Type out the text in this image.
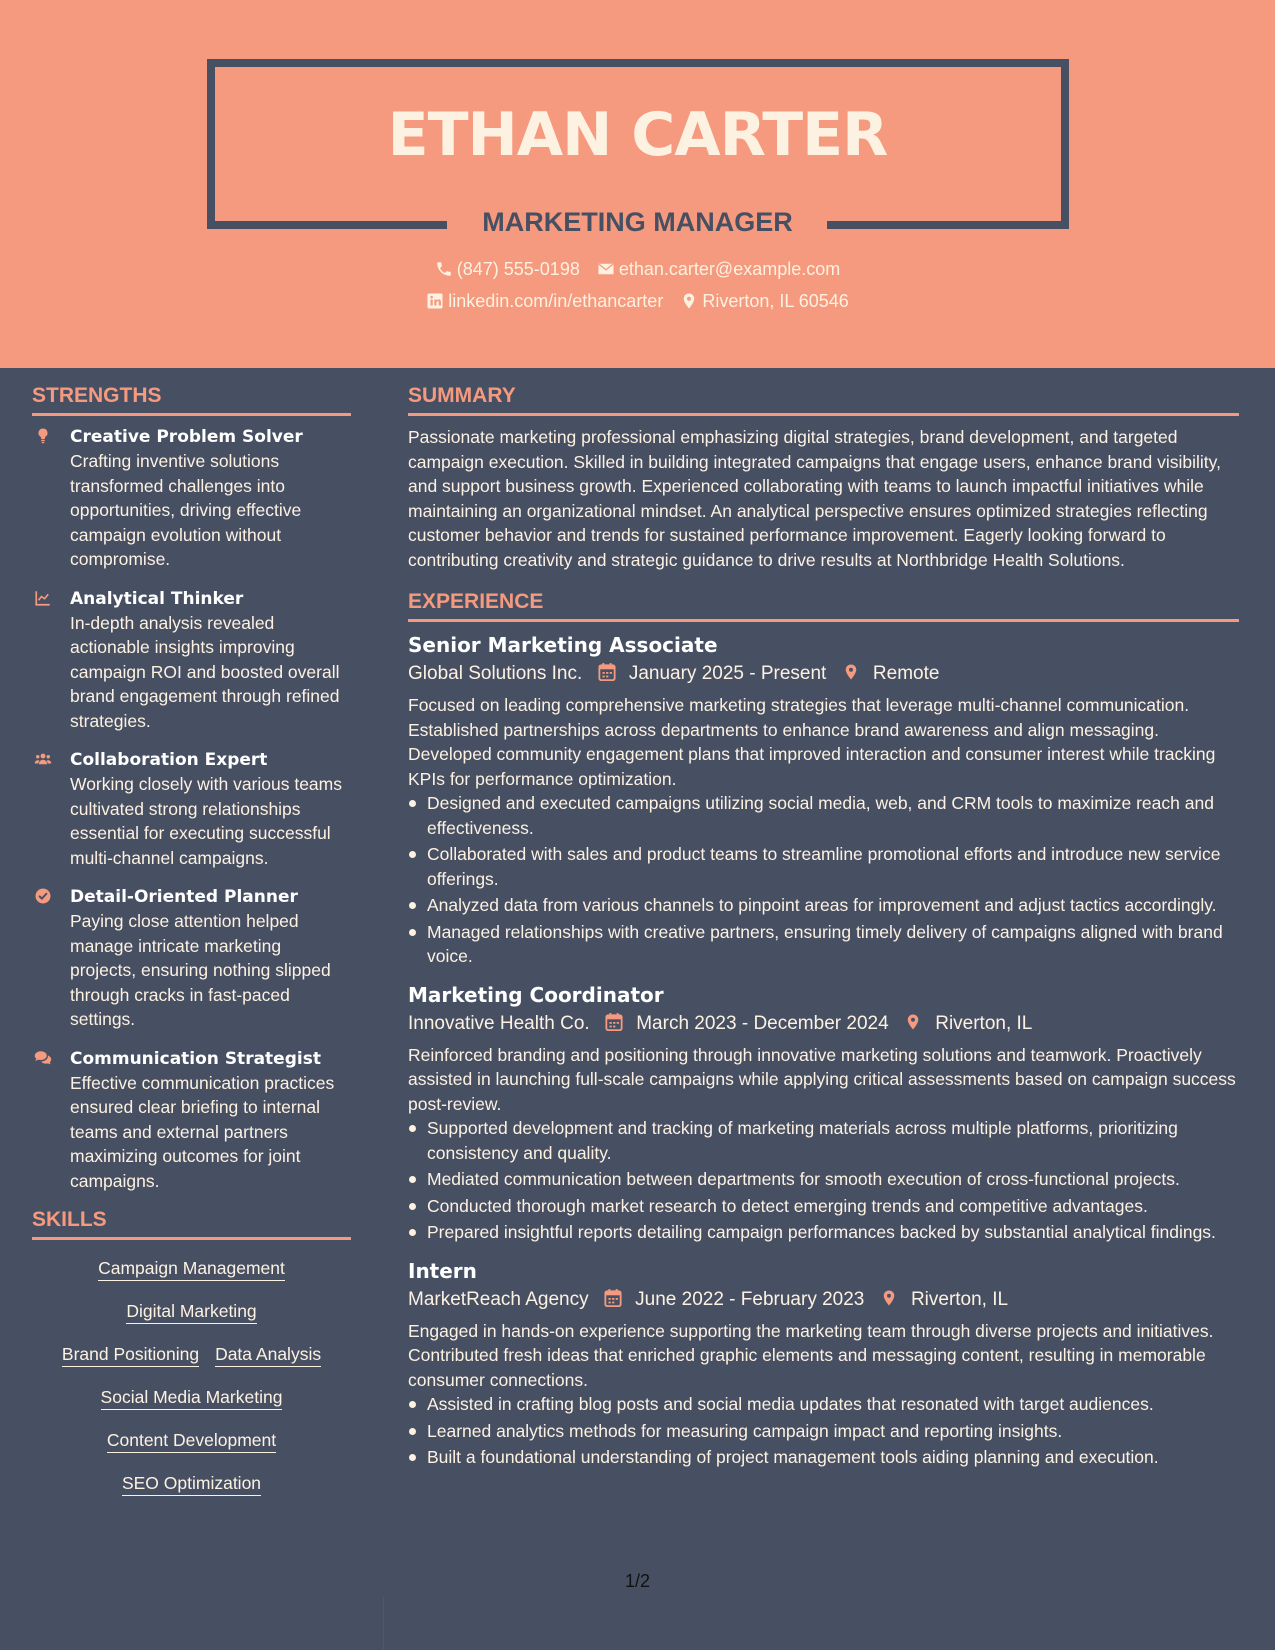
ETHAN CARTER
MARKETING MANAGER
(847) 555-0198 ethan.carter@example.com
linkedin.com/in/ethancarter Riverton, IL 60546
STRENGTHS
Creative Problem Solver
Crafting inventive solutions transformed challenges into opportunities, driving effective campaign evolution without compromise.
Analytical Thinker
In-depth analysis revealed actionable insights improving campaign ROI and boosted overall brand engagement through refined strategies.
Collaboration Expert
Working closely with various teams cultivated strong relationships essential for executing successful multi-channel campaigns.
Detail-Oriented Planner
Paying close attention helped manage intricate marketing projects, ensuring nothing slipped through cracks in fast-paced settings.
Communication Strategist
Effective communication practices ensured clear briefing to internal teams and external partners maximizing outcomes for joint campaigns.
SKILLS
Campaign Management
Digital Marketing
Brand Positioning Data Analysis
Social Media Marketing
Content Development
SEO Optimization
SUMMARY
Passionate marketing professional emphasizing digital strategies, brand development, and targeted campaign execution. Skilled in building integrated campaigns that engage users, enhance brand visibility, and support business growth. Experienced collaborating with teams to launch impactful initiatives while maintaining an organizational mindset. An analytical perspective ensures optimized strategies reflecting customer behavior and trends for sustained performance improvement. Eagerly looking forward to contributing creativity and strategic guidance to drive results at Northbridge Health Solutions.
EXPERIENCE
Senior Marketing Associate
Global Solutions Inc. January 2025 - Present Remote
Focused on leading comprehensive marketing strategies that leverage multi-channel communication. Established partnerships across departments to enhance brand awareness and align messaging. Developed community engagement plans that improved interaction and consumer interest while tracking KPIs for performance optimization.
Designed and executed campaigns utilizing social media, web, and CRM tools to maximize reach and effectiveness.
Collaborated with sales and product teams to streamline promotional efforts and introduce new service offerings.
Analyzed data from various channels to pinpoint areas for improvement and adjust tactics accordingly.
Managed relationships with creative partners, ensuring timely delivery of campaigns aligned with brand voice.
Marketing Coordinator
Innovative Health Co. March 2023 - December 2024 Riverton, IL
Reinforced branding and positioning through innovative marketing solutions and teamwork. Proactively assisted in launching full-scale campaigns while applying critical assessments based on campaign success post-review.
Supported development and tracking of marketing materials across multiple platforms, prioritizing consistency and quality.
Mediated communication between departments for smooth execution of cross-functional projects.
Conducted thorough market research to detect emerging trends and competitive advantages.
Prepared insightful reports detailing campaign performances backed by substantial analytical findings.
Intern
MarketReach Agency June 2022 - February 2023 Riverton, IL
Engaged in hands-on experience supporting the marketing team through diverse projects and initiatives. Contributed fresh ideas that enriched graphic elements and messaging content, resulting in memorable consumer connections.
Assisted in crafting blog posts and social media updates that resonated with target audiences.
Learned analytics methods for measuring campaign impact and reporting insights.
Built a foundational understanding of project management tools aiding planning and execution.
1/2
